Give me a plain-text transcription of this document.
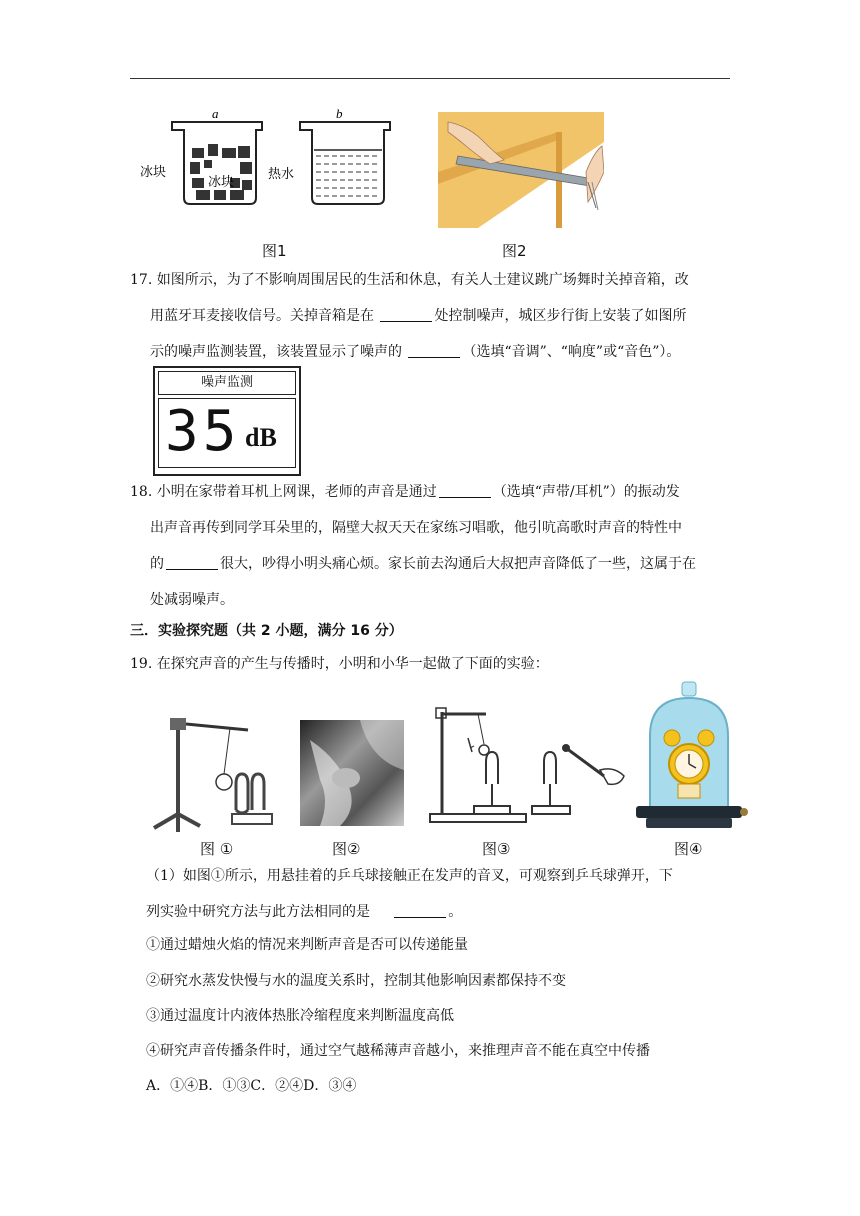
a	b
冰块
冰块
热水
图1	图2
17. 如图所示，为了不影响周围居民的生活和休息，有关人士建议跳广场舞时关掉音箱，改
用蓝牙耳麦接收信号。关掉音箱是在	处控制噪声，城区步行街上安装了如图所
示的噪声监测装置，该装置显示了噪声的	（选填“音调”、“响度”或“音色”）。
噪声监测
35 dB
18. 小明在家带着耳机上网课，老师的声音是通过	（选填“声带/耳机”）的振动发
出声音再传到同学耳朵里的，隔壁大叔天天在家练习唱歌，他引吭高歌时声音的特性中
的	很大，吵得小明头痛心烦。家长前去沟通后大叔把声音降低了一些，这属于在
处减弱噪声。
三．实验探究题（共 2 小题，满分 16 分）
19. 在探究声音的产生与传播时，小明和小华一起做了下面的实验：
图 ①	图②	图③	图④
（1）如图①所示，用悬挂着的乒乓球接触正在发声的音叉，可观察到乒乓球弹开，下
列实验中研究方法与此方法相同的是	。
①通过蜡烛火焰的情况来判断声音是否可以传递能量
②研究水蒸发快慢与水的温度关系时，控制其他影响因素都保持不变
③通过温度计内液体热胀冷缩程度来判断温度高低
④研究声音传播条件时，通过空气越稀薄声音越小，来推理声音不能在真空中传播
A．①④B．①③C．②④D．③④
